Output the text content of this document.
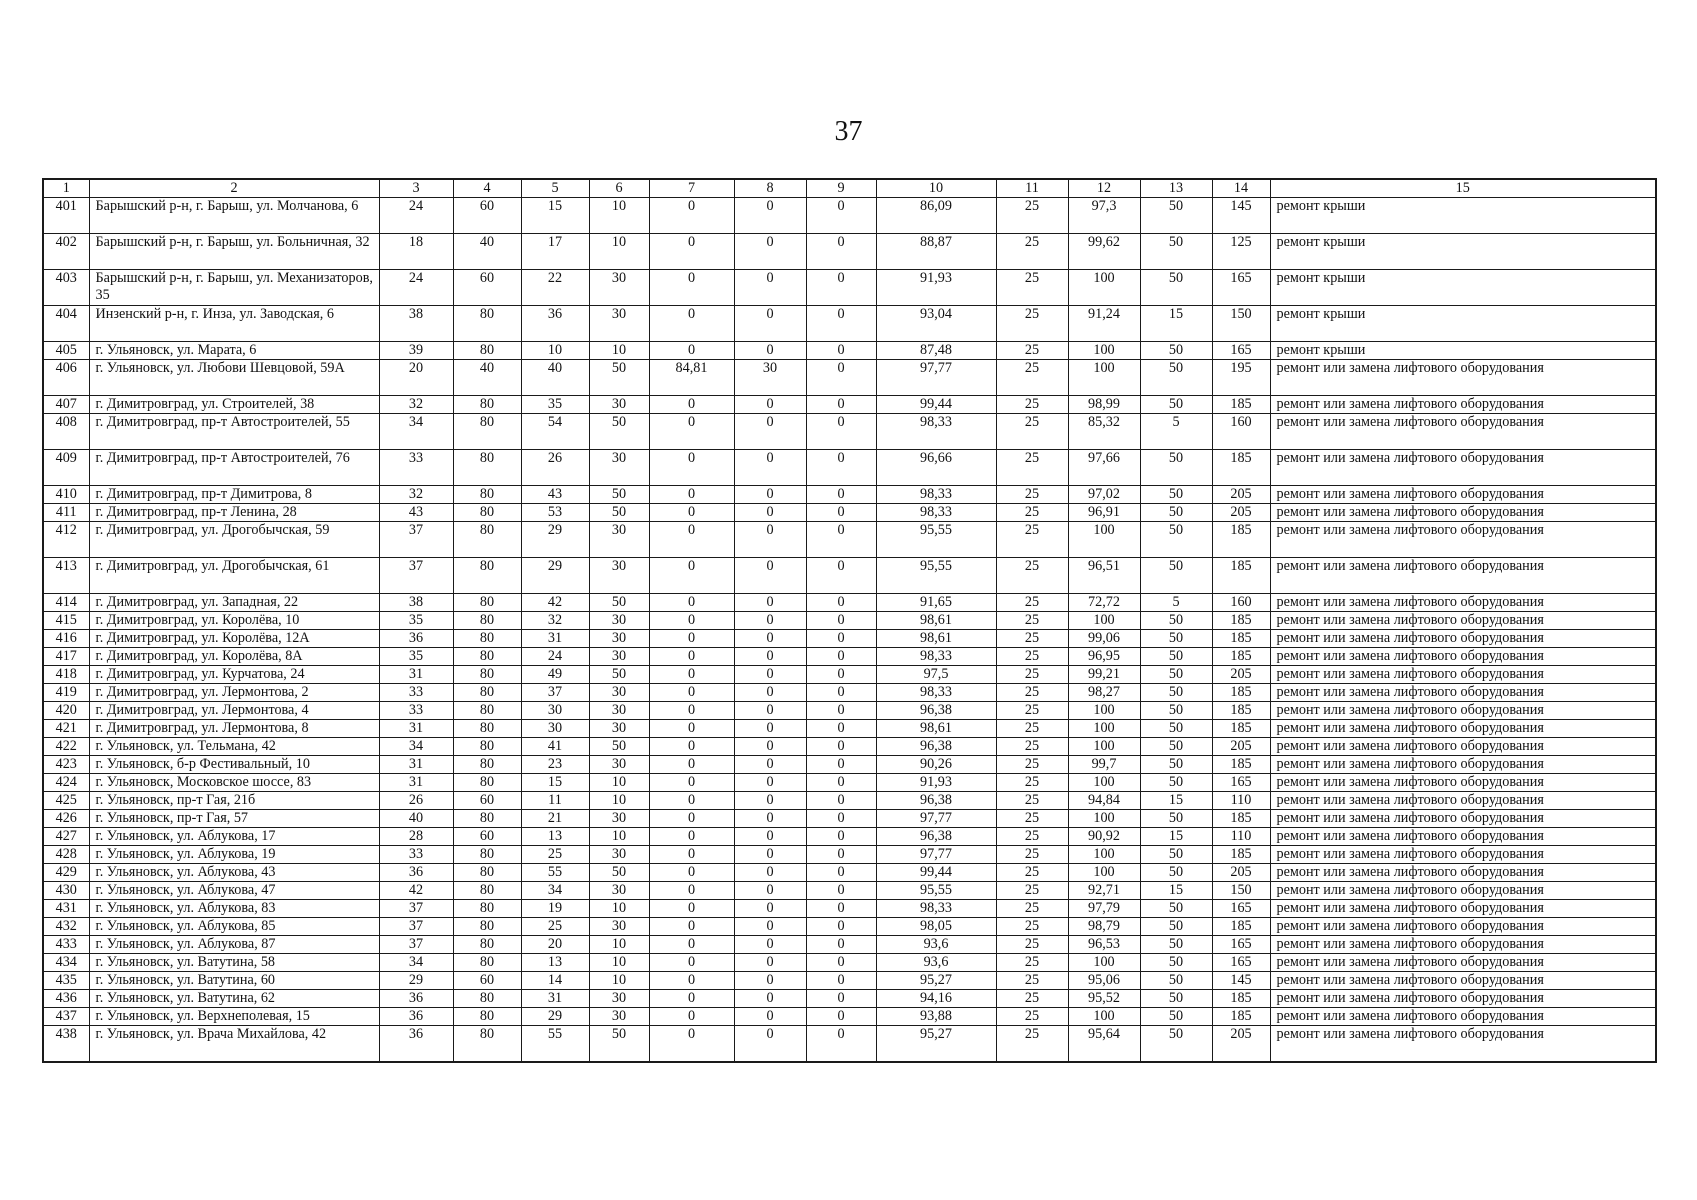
37
1	2	3	4	5	6	7	8	9	10	11	12	13	14	15
401	Барышский р-н, г. Барыш, ул. Молчанова, 6	24	60	15	10	0	0	0	86,09	25	97,3	50	145	ремонт крыши
402	Барышский р-н, г. Барыш, ул. Больничная, 32	18	40	17	10	0	0	0	88,87	25	99,62	50	125	ремонт крыши
403	Барышский р-н, г. Барыш, ул. Механизаторов, 35	24	60	22	30	0	0	0	91,93	25	100	50	165	ремонт крыши
404	Инзенский р-н, г. Инза, ул. Заводская, 6	38	80	36	30	0	0	0	93,04	25	91,24	15	150	ремонт крыши
405	г. Ульяновск, ул. Марата, 6	39	80	10	10	0	0	0	87,48	25	100	50	165	ремонт крыши
406	г. Ульяновск, ул. Любови Шевцовой, 59А	20	40	40	50	84,81	30	0	97,77	25	100	50	195	ремонт или замена лифтового оборудования
407	г. Димитровград, ул. Строителей, 38	32	80	35	30	0	0	0	99,44	25	98,99	50	185	ремонт или замена лифтового оборудования
408	г. Димитровград, пр-т Автостроителей, 55	34	80	54	50	0	0	0	98,33	25	85,32	5	160	ремонт или замена лифтового оборудования
409	г. Димитровград, пр-т Автостроителей, 76	33	80	26	30	0	0	0	96,66	25	97,66	50	185	ремонт или замена лифтового оборудования
410	г. Димитровград, пр-т Димитрова, 8	32	80	43	50	0	0	0	98,33	25	97,02	50	205	ремонт или замена лифтового оборудования
411	г. Димитровград, пр-т Ленина, 28	43	80	53	50	0	0	0	98,33	25	96,91	50	205	ремонт или замена лифтового оборудования
412	г. Димитровград, ул. Дрогобычская, 59	37	80	29	30	0	0	0	95,55	25	100	50	185	ремонт или замена лифтового оборудования
413	г. Димитровград, ул. Дрогобычская, 61	37	80	29	30	0	0	0	95,55	25	96,51	50	185	ремонт или замена лифтового оборудования
414	г. Димитровград, ул. Западная, 22	38	80	42	50	0	0	0	91,65	25	72,72	5	160	ремонт или замена лифтового оборудования
415	г. Димитровград, ул. Королёва, 10	35	80	32	30	0	0	0	98,61	25	100	50	185	ремонт или замена лифтового оборудования
416	г. Димитровград, ул. Королёва, 12А	36	80	31	30	0	0	0	98,61	25	99,06	50	185	ремонт или замена лифтового оборудования
417	г. Димитровград, ул. Королёва, 8А	35	80	24	30	0	0	0	98,33	25	96,95	50	185	ремонт или замена лифтового оборудования
418	г. Димитровград, ул. Курчатова, 24	31	80	49	50	0	0	0	97,5	25	99,21	50	205	ремонт или замена лифтового оборудования
419	г. Димитровград, ул. Лермонтова, 2	33	80	37	30	0	0	0	98,33	25	98,27	50	185	ремонт или замена лифтового оборудования
420	г. Димитровград, ул. Лермонтова, 4	33	80	30	30	0	0	0	96,38	25	100	50	185	ремонт или замена лифтового оборудования
421	г. Димитровград, ул. Лермонтова, 8	31	80	30	30	0	0	0	98,61	25	100	50	185	ремонт или замена лифтового оборудования
422	г. Ульяновск, ул. Тельмана, 42	34	80	41	50	0	0	0	96,38	25	100	50	205	ремонт или замена лифтового оборудования
423	г. Ульяновск, б-р Фестивальный, 10	31	80	23	30	0	0	0	90,26	25	99,7	50	185	ремонт или замена лифтового оборудования
424	г. Ульяновск, Московское шоссе, 83	31	80	15	10	0	0	0	91,93	25	100	50	165	ремонт или замена лифтового оборудования
425	г. Ульяновск, пр-т Гая, 21б	26	60	11	10	0	0	0	96,38	25	94,84	15	110	ремонт или замена лифтового оборудования
426	г. Ульяновск, пр-т Гая, 57	40	80	21	30	0	0	0	97,77	25	100	50	185	ремонт или замена лифтового оборудования
427	г. Ульяновск, ул. Аблукова, 17	28	60	13	10	0	0	0	96,38	25	90,92	15	110	ремонт или замена лифтового оборудования
428	г. Ульяновск, ул. Аблукова, 19	33	80	25	30	0	0	0	97,77	25	100	50	185	ремонт или замена лифтового оборудования
429	г. Ульяновск, ул. Аблукова, 43	36	80	55	50	0	0	0	99,44	25	100	50	205	ремонт или замена лифтового оборудования
430	г. Ульяновск, ул. Аблукова, 47	42	80	34	30	0	0	0	95,55	25	92,71	15	150	ремонт или замена лифтового оборудования
431	г. Ульяновск, ул. Аблукова, 83	37	80	19	10	0	0	0	98,33	25	97,79	50	165	ремонт или замена лифтового оборудования
432	г. Ульяновск, ул. Аблукова, 85	37	80	25	30	0	0	0	98,05	25	98,79	50	185	ремонт или замена лифтового оборудования
433	г. Ульяновск, ул. Аблукова, 87	37	80	20	10	0	0	0	93,6	25	96,53	50	165	ремонт или замена лифтового оборудования
434	г. Ульяновск, ул. Ватутина, 58	34	80	13	10	0	0	0	93,6	25	100	50	165	ремонт или замена лифтового оборудования
435	г. Ульяновск, ул. Ватутина, 60	29	60	14	10	0	0	0	95,27	25	95,06	50	145	ремонт или замена лифтового оборудования
436	г. Ульяновск, ул. Ватутина, 62	36	80	31	30	0	0	0	94,16	25	95,52	50	185	ремонт или замена лифтового оборудования
437	г. Ульяновск, ул. Верхнеполевая, 15	36	80	29	30	0	0	0	93,88	25	100	50	185	ремонт или замена лифтового оборудования
438	г. Ульяновск, ул. Врача Михайлова, 42	36	80	55	50	0	0	0	95,27	25	95,64	50	205	ремонт или замена лифтового оборудования
